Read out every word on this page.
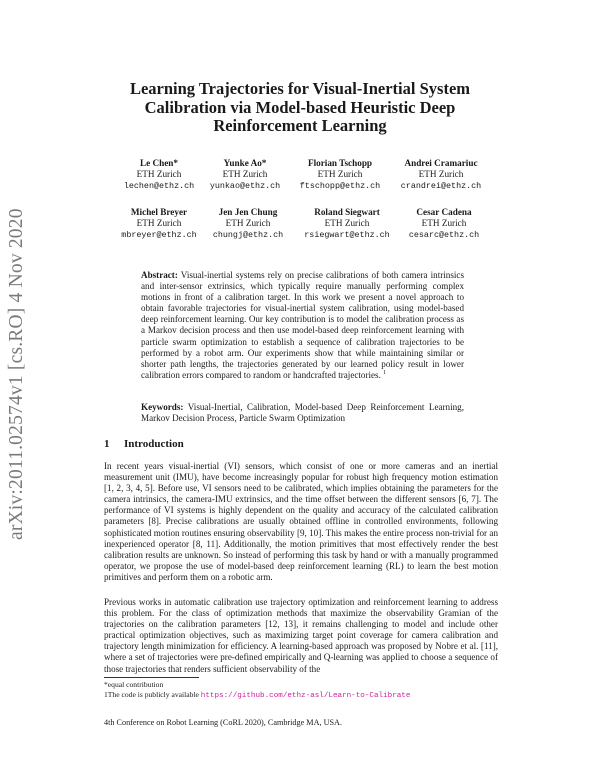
arXiv:2011.02574v1 [cs.RO] 4 Nov 2020
Learning Trajectories for Visual-Inertial System Calibration via Model-based Heuristic Deep Reinforcement Learning
Le Chen*
ETH Zurich
lechen@ethz.ch
Yunke Ao*
ETH Zurich
yunkao@ethz.ch
Florian Tschopp
ETH Zurich
ftschopp@ethz.ch
Andrei Cramariuc
ETH Zurich
crandrei@ethz.ch
Michel Breyer
ETH Zurich
mbreyer@ethz.ch
Jen Jen Chung
ETH Zurich
chungj@ethz.ch
Roland Siegwart
ETH Zurich
rsiegwart@ethz.ch
Cesar Cadena
ETH Zurich
cesarc@ethz.ch
Abstract: Visual-inertial systems rely on precise calibrations of both camera intrinsics and inter-sensor extrinsics, which typically require manually performing complex motions in front of a calibration target. In this work we present a novel approach to obtain favorable trajectories for visual-inertial system calibration, using model-based deep reinforcement learning. Our key contribution is to model the calibration process as a Markov decision process and then use model-based deep reinforcement learning with particle swarm optimization to establish a sequence of calibration trajectories to be performed by a robot arm. Our experiments show that while maintaining similar or shorter path lengths, the trajectories generated by our learned policy result in lower calibration errors compared to random or handcrafted trajectories. $^1$
Keywords: Visual-Inertial, Calibration, Model-based Deep Reinforcement Learning, Markov Decision Process, Particle Swarm Optimization
1 Introduction

In recent years visual-inertial (VI) sensors, which consist of one or more cameras and an inertial measurement unit (IMU), have become increasingly popular for robust high frequency motion estimation [1, 2, 3, 4, 5]. Before use, VI sensors need to be calibrated, which implies obtaining the parameters for the camera intrinsics, the camera-IMU extrinsics, and the time offset between the different sensors [6, 7]. The performance of VI systems is highly dependent on the quality and accuracy of the calculated calibration parameters [8]. Precise calibrations are usually obtained offline in controlled environments, following sophisticated motion routines ensuring observability [9, 10]. This makes the entire process non-trivial for an inexperienced operator [8, 11]. Additionally, the motion primitives that most effectively render the best calibration results are unknown. So instead of performing this task by hand or with a manually programmed operator, we propose the use of model-based deep reinforcement learning (RL) to learn the best motion primitives and perform them on a robotic arm.

Previous works in automatic calibration use trajectory optimization and reinforcement learning to address this problem. For the class of optimization methods that maximize the observability Gramian of the trajectories on the calibration parameters [12, 13], it remains challenging to model and include other practical optimization objectives, such as maximizing target point coverage for camera calibration and trajectory length minimization for efficiency. A learning-based approach was proposed by Nobre et al. [11], where a set of trajectories were pre-defined empirically and Q-learning was applied to choose a sequence of those trajectories that renders sufficient observability of the

*equal contribution
1The code is publicly available https://github.com/ethz-asl/Learn-to-Calibrate
4th Conference on Robot Learning (CoRL 2020), Cambridge MA, USA.
